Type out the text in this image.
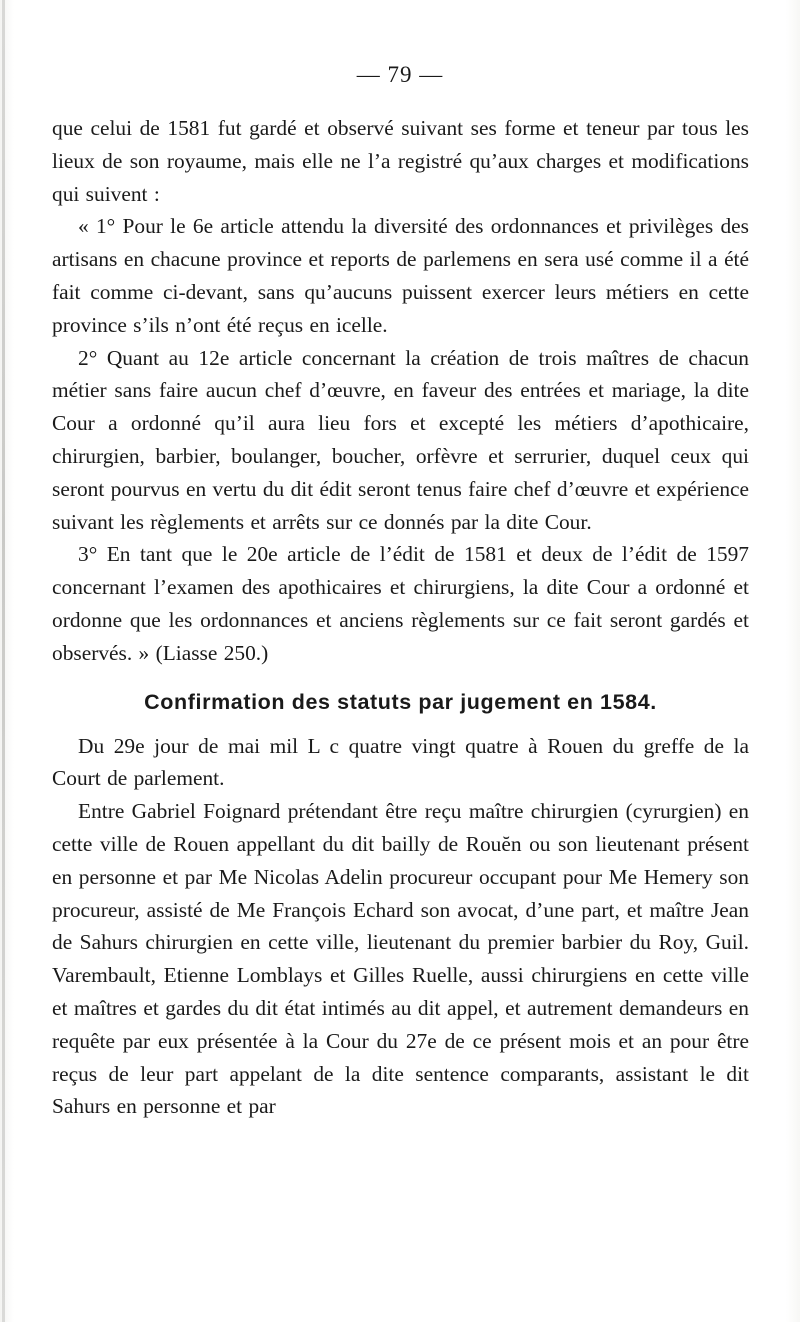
— 79 —

que celui de 1581 fut gardé et observé suivant ses forme et teneur par tous les lieux de son royaume, mais elle ne l’a registré qu’aux charges et modifications qui suivent :

« 1° Pour le 6e article attendu la diversité des ordonnances et privilèges des artisans en chacune province et reports de parlemens en sera usé comme il a été fait comme ci-devant, sans qu’aucuns puissent exercer leurs métiers en cette province s’ils n’ont été reçus en icelle.

2° Quant au 12e article concernant la création de trois maîtres de chacun métier sans faire aucun chef d’œuvre, en faveur des entrées et mariage, la dite Cour a ordonné qu’il aura lieu fors et excepté les métiers d’apothicaire, chirurgien, barbier, boulanger, boucher, orfèvre et serrurier, duquel ceux qui seront pourvus en vertu du dit édit seront tenus faire chef d’œuvre et expérience suivant les règlements et arrêts sur ce donnés par la dite Cour.

3° En tant que le 20e article de l’édit de 1581 et deux de l’édit de 1597 concernant l’examen des apothicaires et chirurgiens, la dite Cour a ordonné et ordonne que les ordonnances et anciens règlements sur ce fait seront gardés et observés. » (Liasse 250.)

Confirmation des statuts par jugement en 1584.

Du 29e jour de mai mil L c quatre vingt quatre à Rouen du greffe de la Court de parlement.

Entre Gabriel Foignard prétendant être reçu maître chirurgien (cyrurgien) en cette ville de Rouen appellant du dit bailly de Rouĕn ou son lieutenant présent en personne et par Me Nicolas Adelin procureur occupant pour Me Hemery son procureur, assisté de Me François Echard son avocat, d’une part, et maître Jean de Sahurs chirurgien en cette ville, lieutenant du premier barbier du Roy, Guil. Varembault, Etienne Lomblays et Gilles Ruelle, aussi chirurgiens en cette ville et maîtres et gardes du dit état intimés au dit appel, et autrement demandeurs en requête par eux présentée à la Cour du 27e de ce présent mois et an pour être reçus de leur part appelant de la dite sentence comparants, assistant le dit Sahurs en personne et par
